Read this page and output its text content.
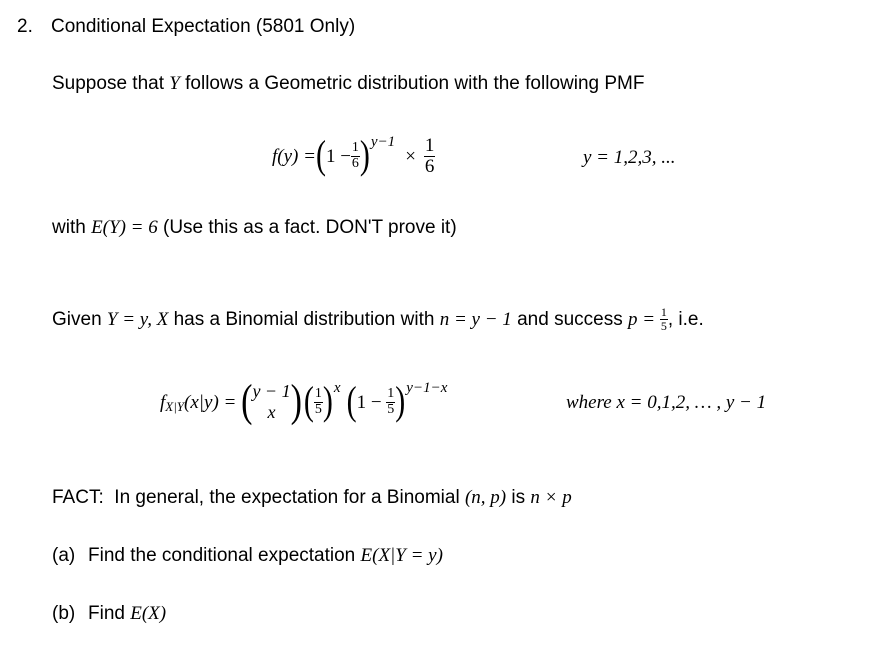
2. Conditional Expectation (5801 Only)
Suppose that Y follows a Geometric distribution with the following PMF
f(y) = ( $1 - \frac{1}{6}$ ) y−1
× $\frac{1}{6}$	y = 1,2,3, ...
with E(Y) = 6 (Use this as a fact. DON'T prove it)
Given Y = y, X has a Binomial distribution with n = y − 1 and success $p = \frac{1}{5}$ , i.e.
f X|Y (x|y) = ( y − 1
x ) ( $\frac{1}{5}$ ) x ( $1 - \frac{1}{5}$ ) y−1−x
where x = 0,1,2, … , y − 1
FACT:  In general, the expectation for a Binomial (n, p) is n × p
(a) Find the conditional expectation E(X|Y = y)
(b) Find E(X)
